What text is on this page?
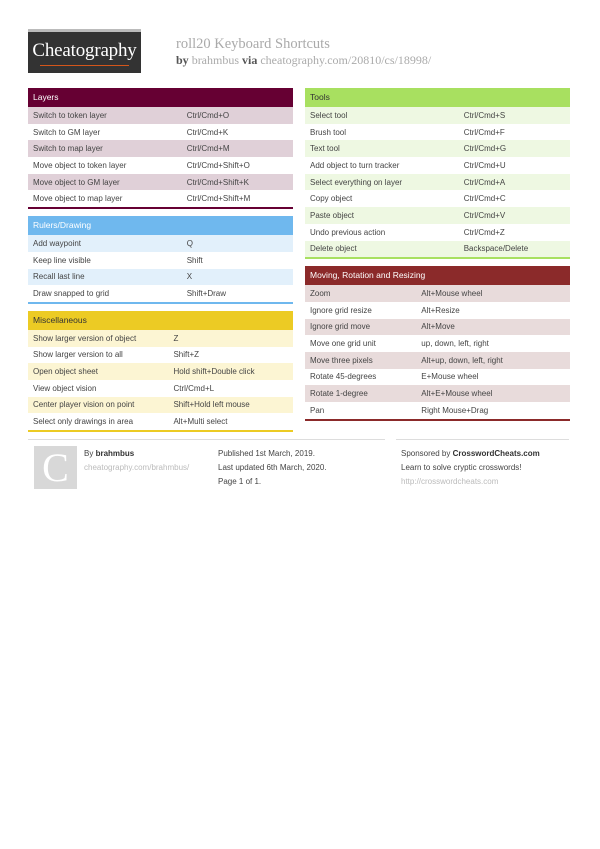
Cheatography	roll20 Keyboard Shortcuts
by brahmbus via cheatography.com/20810/cs/18998/
Layers
Switch to token layer	Ctrl/Cmd+O
Switch to GM layer	Ctrl/Cmd+K
Switch to map layer	Ctrl/Cmd+M
Move object to token layer	Ctrl/Cmd+Shift+O
Move object to GM layer	Ctrl/Cmd+Shift+K
Move object to map layer	Ctrl/Cmd+Shift+M
Rulers/Drawing
Add waypoint	Q
Keep line visible	Shift
Recall last line	X
Draw snapped to grid	Shift+Draw
Miscellaneous
Show larger version of object	Z
Show larger version to all	Shift+Z
Open object sheet	Hold shift+Double click
View object vision	Ctrl/Cmd+L
Center player vision on point	Shift+Hold left mouse
Select only drawings in area	Alt+Multi select
Tools
Select tool	Ctrl/Cmd+S
Brush tool	Ctrl/Cmd+F
Text tool	Ctrl/Cmd+G
Add object to turn tracker	Ctrl/Cmd+U
Select everything on layer	Ctrl/Cmd+A
Copy object	Ctrl/Cmd+C
Paste object	Ctrl/Cmd+V
Undo previous action	Ctrl/Cmd+Z
Delete object	Backspace/Delete
Moving, Rotation and Resizing
Zoom	Alt+Mouse wheel
Ignore grid resize	Alt+Resize
Ignore grid move	Alt+Move
Move one grid unit	up, down, left, right
Move three pixels	Alt+up, down, left, right
Rotate 45-degrees	E+Mouse wheel
Rotate 1-degree	Alt+E+Mouse wheel
Pan	Right Mouse+Drag
C	By brahmbus
cheatography.com/brahmbus/
Published 1st March, 2019.
Last updated 6th March, 2020.
Page 1 of 1.
Sponsored by CrosswordCheats.com
Learn to solve cryptic crosswords!
http://crosswordcheats.com
